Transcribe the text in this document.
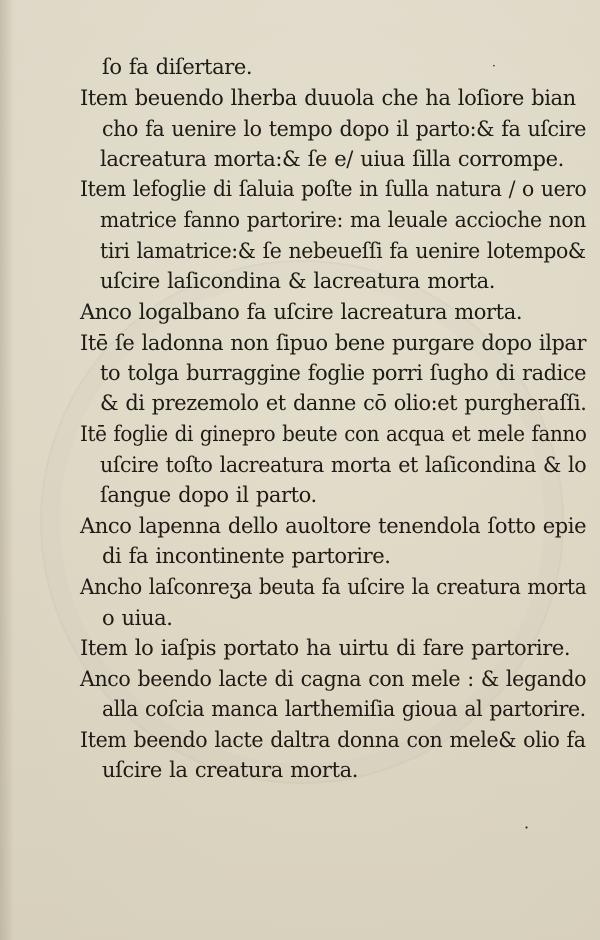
ſo fa diſertare.
Item beuendo lherba duuola che ha loſiore bian
cho fa uenire lo tempo dopo il parto:& fa uſcire
lacreatura morta:& ſe e/ uiua ſilla corrompe.
Item lefoglie di ſaluia poſte in ſulla natura / o uero
matrice fanno partorire: ma leuale accioche non
tiri lamatrice:& ſe nebeueſſi fa uenire lotempo&
uſcire laſicondina & lacreatura morta.
Anco logalbano fa uſcire lacreatura morta.
Itē ſe ladonna non ſipuo bene purgare dopo ilpar
to tolga burraggine foglie porri ſugho di radice
& di prezemolo et danne cō olio:et purgheraſſi.
Itē foglie di ginepro beute con acqua et mele fanno
uſcire toſto lacreatura morta et laſicondina & lo
ſangue dopo il parto.
Anco lapenna dello auoltore tenendola ſotto epie
di fa incontinente partorire.
Ancho laſconreӡa beuta fa uſcire la creatura morta
o uiua.
Item lo iaſpis portato ha uirtu di fare partorire.
Anco beendo lacte di cagna con mele : & legando
alla coſcia manca larthemiſia gioua al partorire.
Item beendo lacte daltra donna con mele& olio fa
uſcire la creatura morta.
·
·
